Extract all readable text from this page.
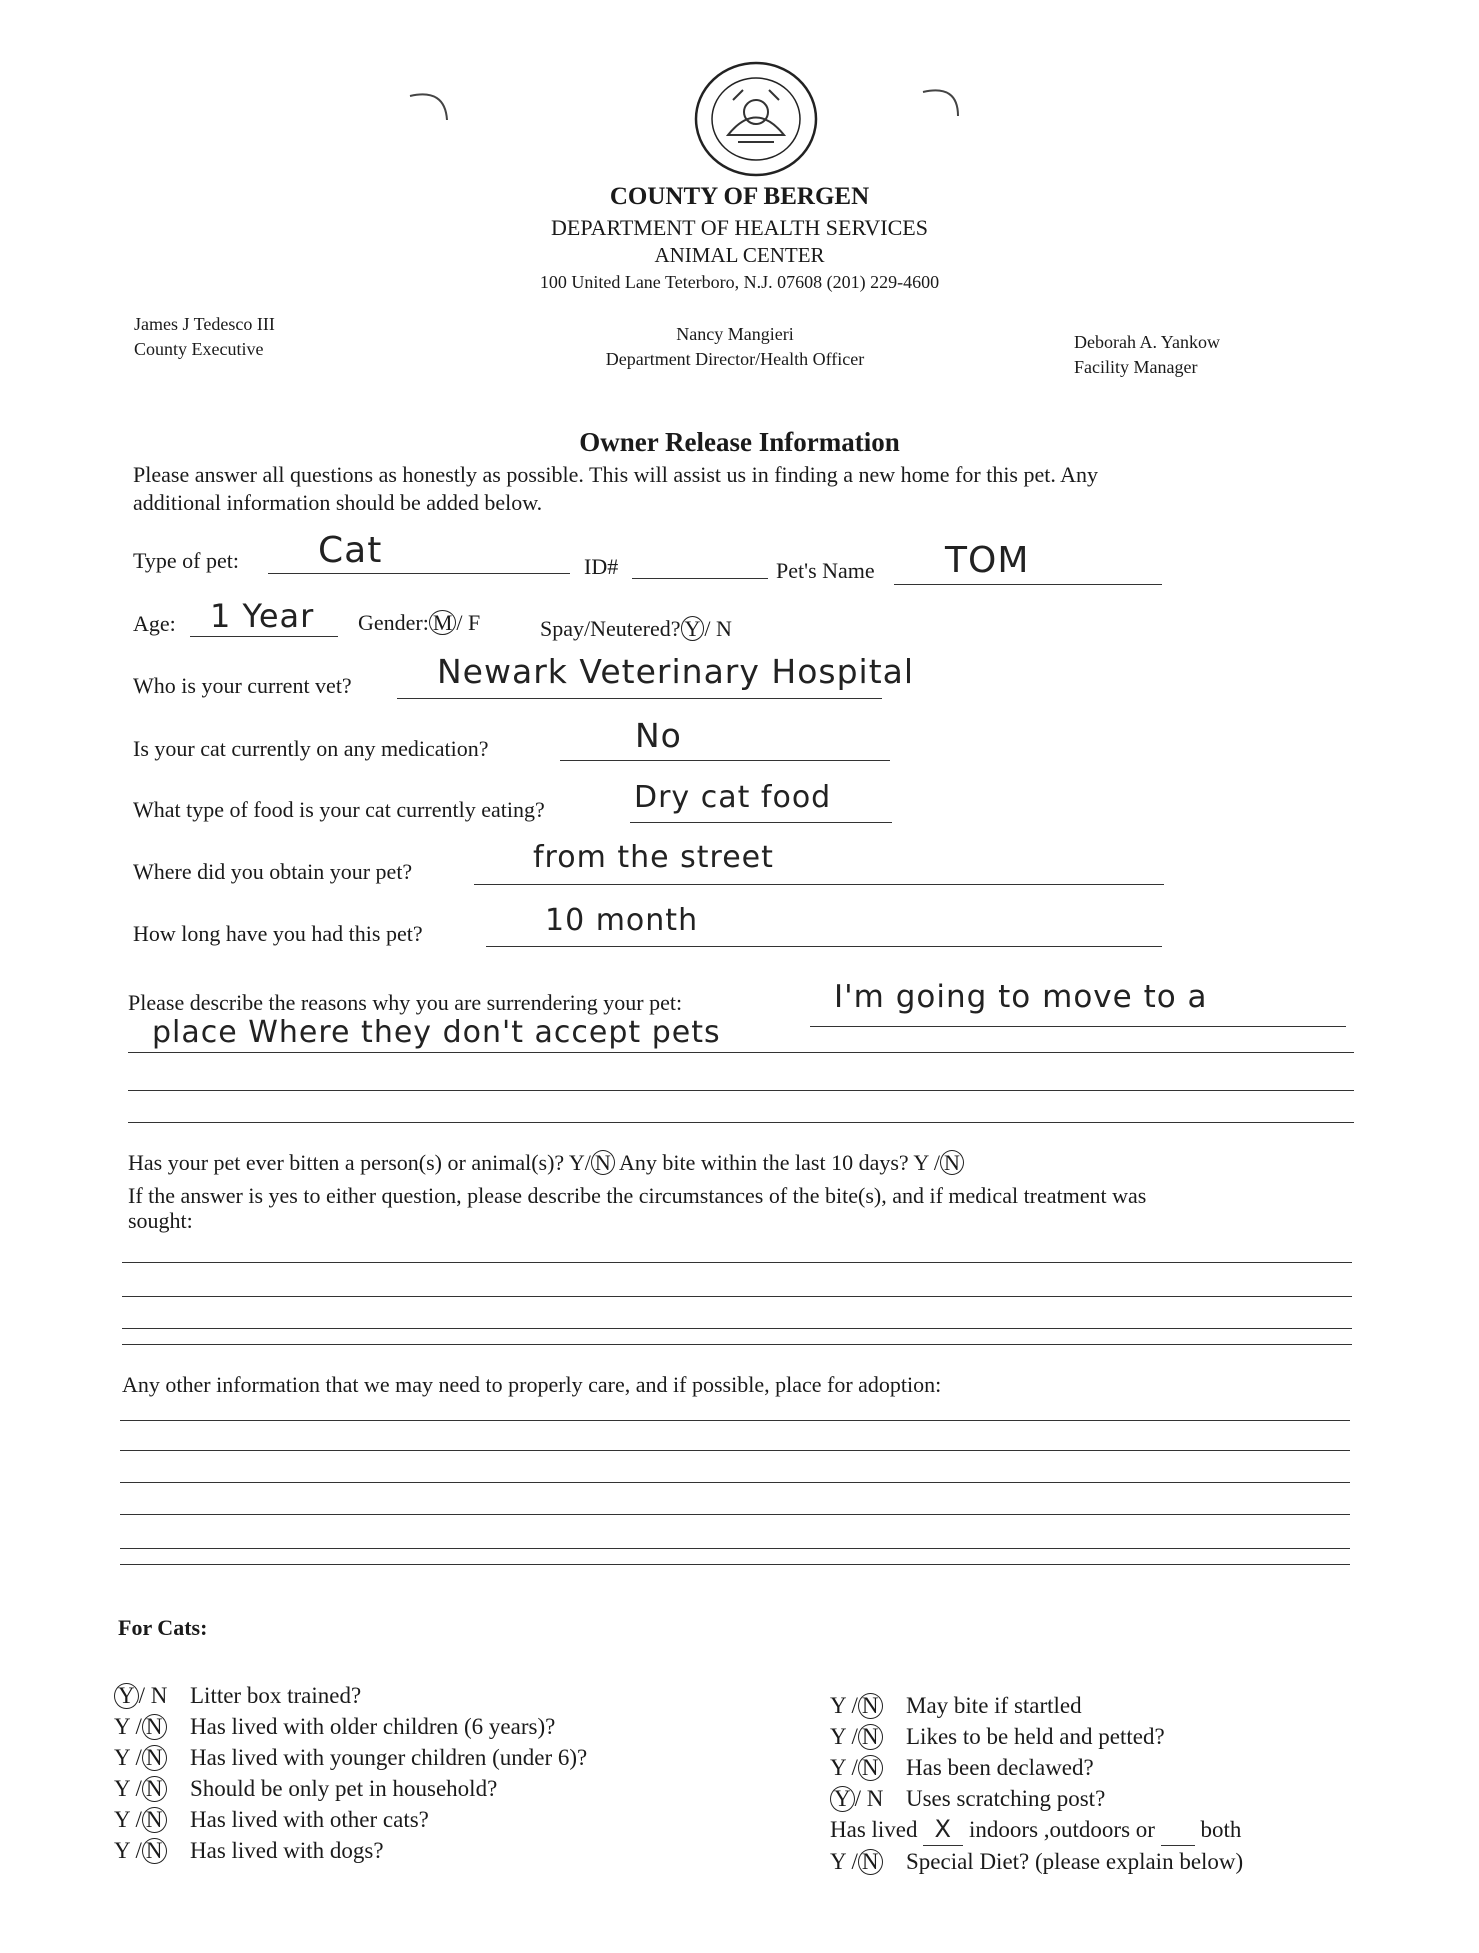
COUNTY OF BERGEN
DEPARTMENT OF HEALTH SERVICES
ANIMAL CENTER
100 United Lane Teterboro, N.J. 07608 (201) 229-4600
James J Tedesco III
County Executive
Nancy Mangieri
Department Director/Health Officer
Deborah A. Yankow
Facility Manager
Owner Release Information
Please answer all questions as honestly as possible. This will assist us in finding a new home for this pet. Any
additional information should be added below.
Type of pet: Cat	ID#	Pet's Name TOM
Age: 1 Year Gender: M / F	Spay/Neutered? Y / N
Who is your current vet?	Newark Veterinary Hospital
Is your cat currently on any medication?	No
What type of food is your cat currently eating?	Dry cat food
Where did you obtain your pet?	from the street
How long have you had this pet?	10 month
Please describe the reasons why you are surrendering your pet:	I'm going to move to a
place Where they don't accept pets
Has your pet ever bitten a person(s) or animal(s)? Y/ N Any bite within the last 10 days? Y / N
If the answer is yes to either question, please describe the circumstances of the bite(s), and if medical treatment was
sought:
Any other information that we may need to properly care, and if possible, place for adoption:
For Cats:
Y / N Litter box trained?
Y / N Has lived with older children (6 years)?
Y / N Has lived with younger children (under 6)?
Y / N Should be only pet in household?
Y / N Has lived with other cats?
Y / N Has lived with dogs?
Y / N May bite if startled
Y / N Likes to be held and petted?
Y / N Has been declawed?
Y / N Uses scratching post?
Has lived X indoors ,outdoors or both
Y / N Special Diet? (please explain below)
